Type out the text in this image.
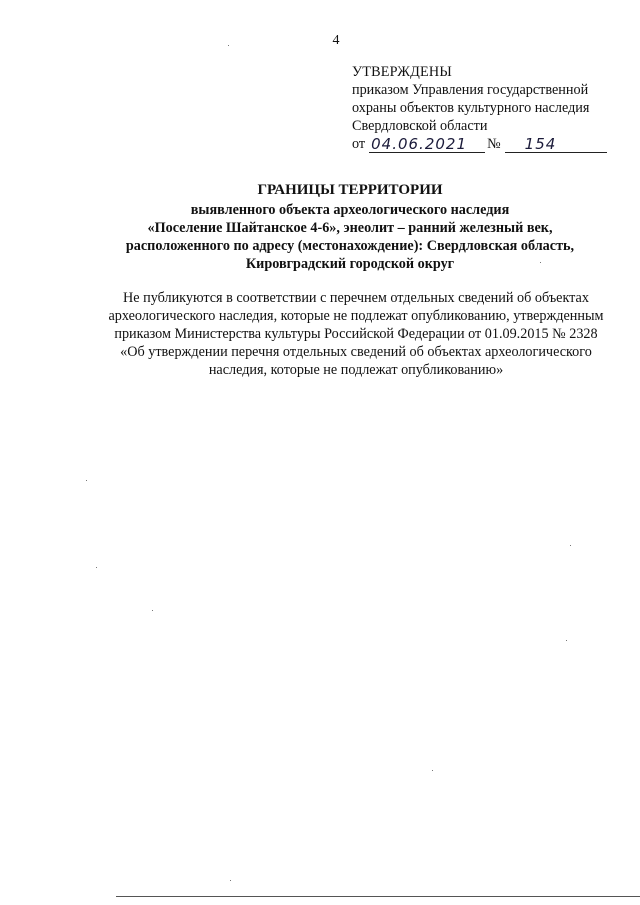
4
УТВЕРЖДЕНЫ
приказом Управления государственной
охраны объектов культурного наследия
Свердловской области
от 04.06.2021	№	154
ГРАНИЦЫ ТЕРРИТОРИИ
выявленного объекта археологического наследия
«Поселение Шайтанское 4-6», энеолит – ранний железный век,
расположенного по адресу (местонахождение): Свердловская область,
Кировградский городской округ
Не публикуются в соответствии с перечнем отдельных сведений об объектах
археологического наследия, которые не подлежат опубликованию, утвержденным
приказом Министерства культуры Российской Федерации от 01.09.2015 № 2328
«Об утверждении перечня отдельных сведений об объектах археологического
наследия, которые не подлежат опубликованию»
